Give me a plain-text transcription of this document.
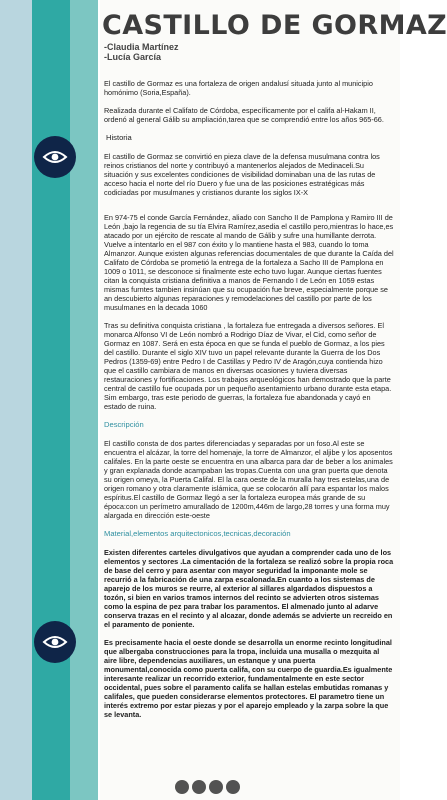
CASTILLO DE GORMAZ
-Claudia Martínez
-Lucía García

El castillo de Gormaz es una fortaleza de origen andalusí situada junto al municipio homónimo (Soria,España).

Realizada durante el Califato de Córdoba, específicamente por el califa al-Hakam II, ordenó al general Gálib su ampliación,tarea que se comprendió entre los años 965-66.

Historia

El castillo de Gormaz se convirtió en pieza clave de la defensa musulmana contra los reinos cristianos del norte y contribuyó a mantenerlos alejados de Medinaceli.Su situación y sus excelentes condiciones de visibilidad dominaban una de las rutas de acceso hacia el norte del río Duero y fue una de las posiciones estratégicas más codiciadas por musulmanes y cristianos durante los siglos IX-X

En 974-75 el conde García Fernández, aliado con Sancho II de Pamplona y Ramiro III de León ,bajo la regencia de su tía Elvira Ramírez,asedia el castillo pero,mientras lo hace,es atacado por un ejército de rescate al mando de Gálib y sufre una humillante derrota. Vuelve a intentarlo en el 987 con éxito y lo mantiene hasta el 983, cuando lo toma Almanzor. Aunque existen algunas referencias documentales de que durante la Caída del Califato de Córdoba se prometió la entrega de la fortaleza a Sacho III de Pamplona en 1009 o 1011, se desconoce si finalmente este echo tuvo lugar. Aunque ciertas fuentes citan la conquista cristiana definitiva a manos de Fernando I de León en 1059 estas mismas furntes tambien insinúan que su ocupación fue breve, especialmente porque se an descubierto algunas reparaciones y remodelaciones del castillo por parte de los musulmanes en la decada 1060

Tras su definitiva conquista cristiana , la fortaleza fue entregada a diversos señores. El monarca Alfonso VI de León nombró a Rodrigo Díaz de Vivar, el Cid, como señor de Gormaz en 1087. Será en esta época en que se funda el pueblo de Gormaz, a los pies del castillo. Durante el siglo XIV tuvo un papel relevante durante la Guerra de los Dos Pedros (1359-69) entre Pedro I de Castillas y Pedro IV de Aragón,cuya contienda hizo que el castillo cambiara de manos en diversas ocasiones y tuviera diversas restauraciones y fortificaciones. Los trabajos arqueológicos han demostrado que la parte central de castillo fue ocupada por un pequeño asentamiento urbano durante esta etapa. Sim embargo, tras este periodo de guerras, la fortaleza fue abandonada y cayó en estado de ruina.

Descripción

El castillo consta de dos partes diferenciadas y separadas por un foso.Al este se encuentra el alcázar, la torre del homenaje, la torre de Almanzor, el aljibe y los aposentos califales. En la parte oeste se encuentra en una albarca para dar de beber a los animales y gran explanada donde acampaban las tropas.Cuenta con una gran puerta que denota su origen omeya, la Puerta Califal. El la cara oeste de la muralla hay tres estelas,una de origen romano y otra claramente islámica, que se colocarón allí para espantar los malos espíritus.El castillo de Gormaz llegó a ser la fortaleza europea más grande de su época:con un perímetro amurallado de 1200m,446m de largo,28 torres y una forma muy alargada en dirección este-oeste

Material,elementos arquitectonicos,tecnicas,decoración

Existen diferentes carteles divulgativos que ayudan a comprender cada uno de los elementos y sectores .La cimentación de la fortaleza se realizó sobre la propia roca de base del cerro y para asentar con mayor seguridad la imponante mole se recurrió a la fabricación de una zarpa escalonada.En cuanto a los sistemas de aparejo de los muros se reurre, al exterior al sillares algardados dispuestos a tozón, si bien en varios tramos internos del recinto se advierten otros sistemas como la espina de pez para trabar los paramentos. El almenado junto al adarve conserva trazas en el recinto y al alcazar, donde además se advierte un recreido en el paramento de poniente.

Es precisamente hacia el oeste donde se desarrolla un enorme recinto longitudinal que albergaba construcciones para la tropa, incluida una musalla o mezquita al aire libre, dependencias auxiliares, un estanque y una puerta monumental,conocida como puerta califa, con su cuerpo de guardia.Es igualmente interesante realizar un recorrido exterior, fundamentalmente en este sector occidental, pues sobre el paramento califa se hallan estelas embutidas romanas y califales, que pueden considerarse elementos protectores. El parametro tiene un interés extremo por estar piezas y por el aparejo empleado y la zarpa sobre la que se levanta.
